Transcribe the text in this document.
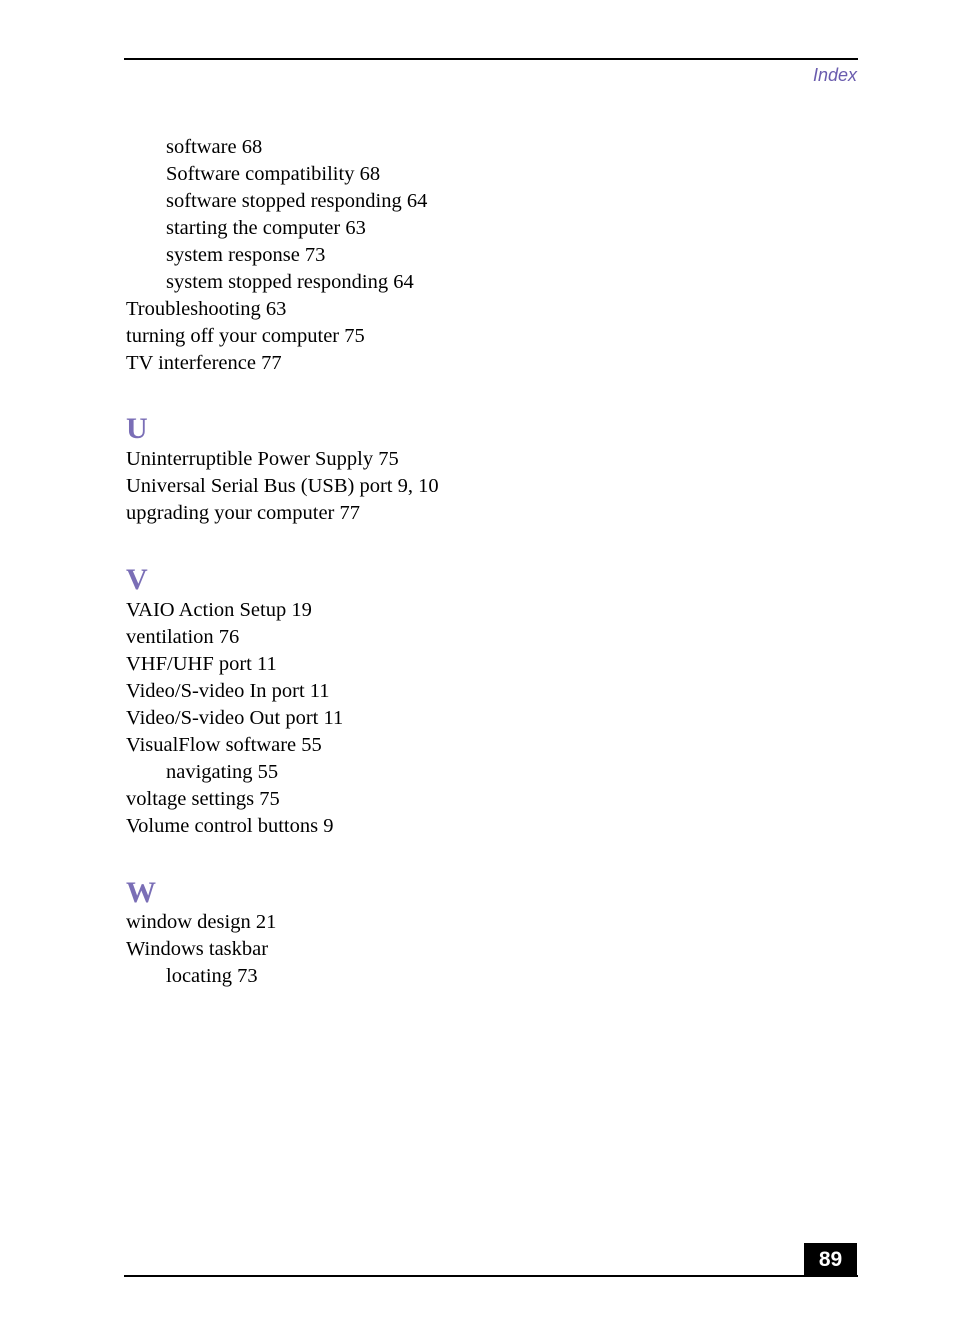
Index
software 68
Software compatibility 68
software stopped responding 64
starting the computer 63
system response 73
system stopped responding 64
Troubleshooting 63
turning off your computer 75
TV interference 77
U
Uninterruptible Power Supply 75
Universal Serial Bus (USB) port 9, 10
upgrading your computer 77
V
VAIO Action Setup 19
ventilation 76
VHF/UHF port 11
Video/S-video In port 11
Video/S-video Out port 11
VisualFlow software 55
navigating 55
voltage settings 75
Volume control buttons 9
W
window design 21
Windows taskbar
locating 73
89
